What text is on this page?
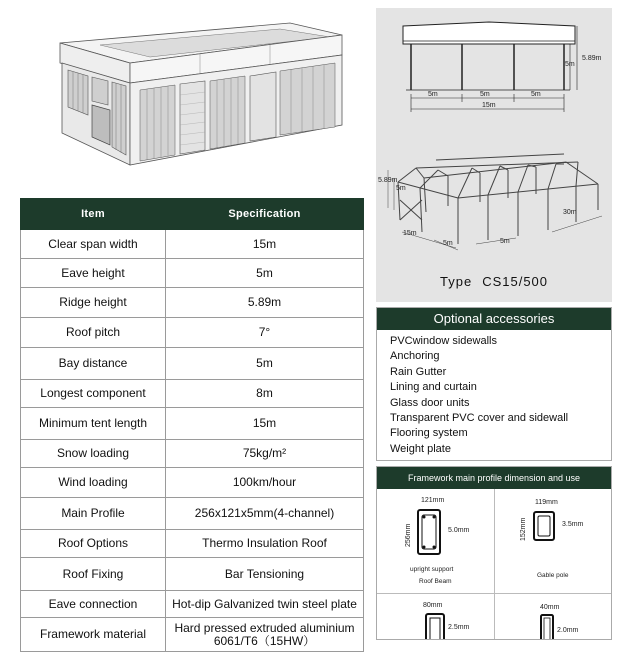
Item	Specification
Clear span width	15m
Eave height	5m
Ridge height	5.89m
Roof pitch	7°
Bay distance	5m
Longest component	8m
Minimum tent length	15m
Snow loading	75kg/m²
Wind loading	100km/hour
Main Profile	256x121x5mm(4-channel)
Roof Options	Thermo Insulation Roof
Roof Fixing	Bar Tensioning
Eave connection	Hot-dip Galvanized twin steel plate
Framework material	Hard pressed extruded aluminium 6061/T6（15HW）
5m	5m	5m
15m
5m
5.89m
5.89m
5m
15m
5m	5m
30m
Type CS15/500
Optional accessories
PVCwindow sidewalls
Anchoring
Rain Gutter
Lining and curtain
Glass door units
Transparent PVC cover and sidewall
Flooring system
Weight plate
Framework main profile dimension and use
121mm
256mm	5.0mm
upright support
Roof Beam
119mm
152mm	3.5mm
Gable pole
80mm
2.5mm
40mm
2.0mm
